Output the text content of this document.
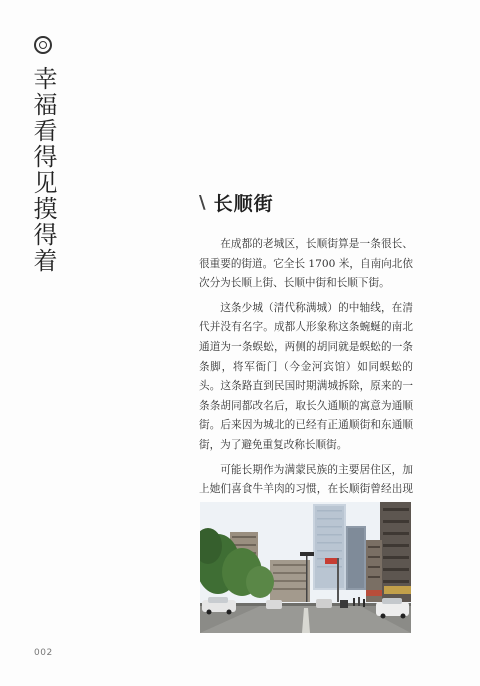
幸福看得见摸得着	\ 长顺街

在成都的老城区，长顺街算是一条很长、很重要的街道。它全长 1700 米，自南向北依次分为长顺上街、长顺中街和长顺下街。

这条少城（清代称满城）的中轴线，在清代并没有名字。成都人形象称这条蜿蜒的南北通道为一条蜈蚣，两侧的胡同就是蜈蚣的一条条脚，将军衙门（今金河宾馆）如同蜈蚣的头。这条路直到民国时期满城拆除，原来的一条条胡同都改名后，取长久通顺的寓意为通顺街。后来因为城北的已经有正通顺街和东通顺街，为了避免重复改称长顺街。

可能长期作为满蒙民族的主要居住区，加上她们喜食牛羊肉的习惯，在长顺街曾经出现

002
